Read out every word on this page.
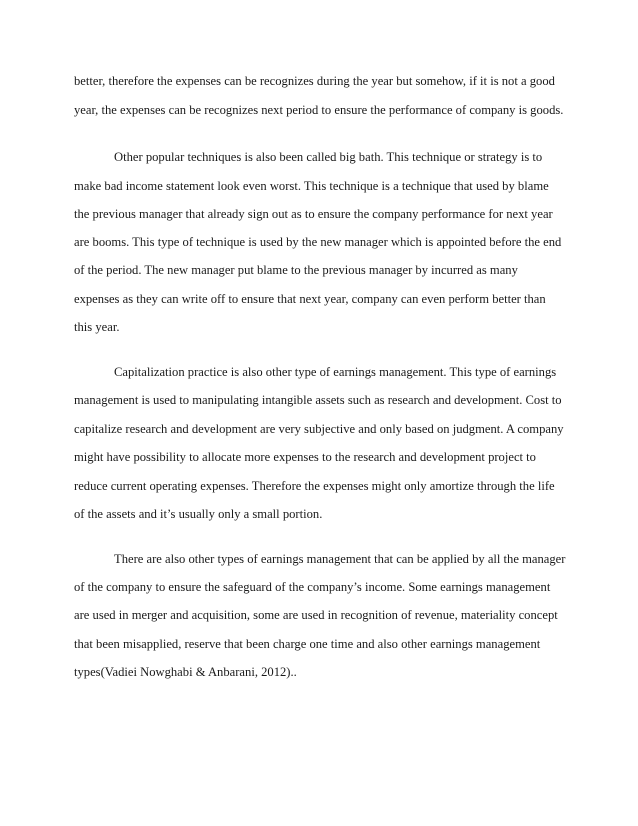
better, therefore the expenses can be recognizes during the year but somehow, if it is not a good

year, the expenses can be recognizes next period to ensure the performance of company is goods.

Other popular techniques is also been called big bath. This technique or strategy is to

make bad income statement look even worst. This technique is a technique that used by blame

the previous manager that already sign out as to ensure the company performance for next year

are booms. This type of technique is used by the new manager which is appointed before the end

of the period. The new manager put blame to the previous manager by incurred as many

expenses as they can write off to ensure that next year, company can even perform better than

this year.

Capitalization practice is also other type of earnings management. This type of earnings

management is used to manipulating intangible assets such as research and development. Cost to

capitalize research and development are very subjective and only based on judgment. A company

might have possibility to allocate more expenses to the research and development project to

reduce current operating expenses. Therefore the expenses might only amortize through the life

of the assets and it’s usually only a small portion.

There are also other types of earnings management that can be applied by all the manager

of the company to ensure the safeguard of the company’s income. Some earnings management

are used in merger and acquisition, some are used in recognition of revenue, materiality concept

that been misapplied, reserve that been charge one time and also other earnings management

types(Vadiei Nowghabi & Anbarani, 2012)..
